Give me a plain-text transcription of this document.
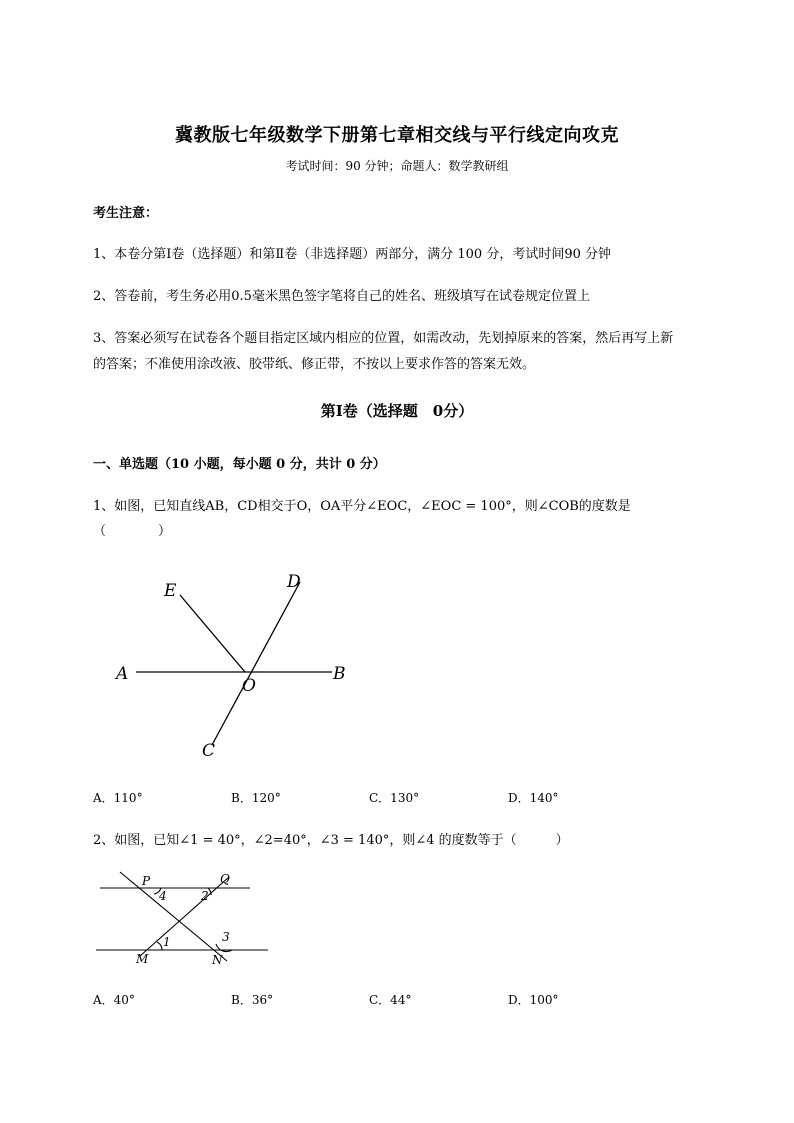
冀教版七年级数学下册第七章相交线与平行线定向攻克
考试时间：90 分钟；命题人：数学教研组
考生注意：
1、本卷分第Ⅰ卷（选择题）和第Ⅱ卷（非选择题）两部分，满分 100 分，考试时间90 分钟
2、答卷前，考生务必用0.5毫米黑色签字笔将自己的姓名、班级填写在试卷规定位置上
3、答案必须写在试卷各个题目指定区域内相应的位置，如需改动，先划掉原来的答案，然后再写上新
的答案；不准使用涂改液、胶带纸、修正带，不按以上要求作答的答案无效。
第Ⅰ卷（选择题　0分）
一、单选题（10 小题，每小题 0 分，共计 0 分）
1、如图，已知直线AB，CD相交于O，OA平分∠EOC，∠EOC = 100°，则∠COB的度数是
（　　　　）
E	D
A
O
B
C
A．110°	B．120°	C．130°	D．140°
2、如图，已知∠1 = 40°，∠2=40°，∠3 = 140°，则∠4 的度数等于（　　　）
P	Q
M	N
4	2
1	3
A．40°	B．36°	C．44°	D．100°
